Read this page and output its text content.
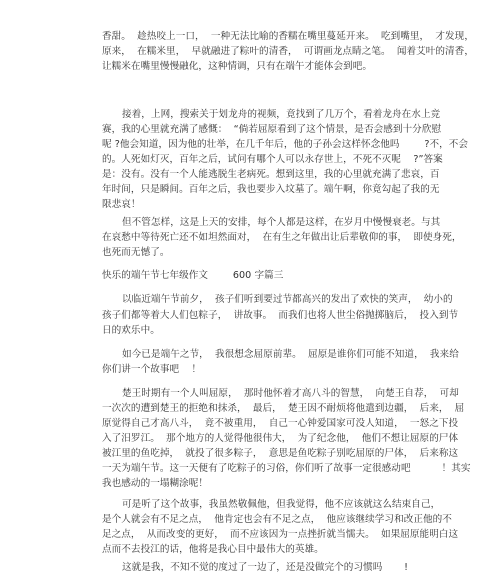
香甜。  趁热咬上一口，  一种无法比喻的香糯在嘴里蔓延开来。  吃到嘴里，  才发现，
原来，  在糯米里，  早就融进了粽叶的清香，  可谓画龙点睛之笔。  闻着艾叶的清香，
让糯米在嘴里慢慢融化，这种情调，只有在端午才能体会到吧。
接着，上网，搜索关于划龙舟的视频，竟找到了几万个，看着龙舟在水上竞
赛，我的心里就充满了感慨：  “倘若屈原看到了这个情景，是否会感到十分欣慰
呢 ?他会知道，因为他的壮举，在几千年后，他的子孙会这样怀念他吗        ?不，不会
的。人死如灯灭，百年之后，试问有哪个人可以永存世上，不死不灭呢    ?”答案
是：没有。没有一个人能逃脱生老病死。想到这里，我的心里就充满了悲哀，百
年时间，只是瞬间。百年之后，我也要步入坟墓了。端午啊，你竟勾起了我的无
限悲哀！
但不管怎样，这是上天的安排，每个人都是这样，在岁月中慢慢衰老。与其
在哀愁中等待死亡还不如坦然面对，  在有生之年做出让后辈敬仰的事，  即使身死，
也死而无憾了。
快乐的端午节七年级作文        600 字篇三
以临近端午节前夕，  孩子们听到要过节都高兴的发出了欢快的笑声，  幼小的
孩子们都等着大人们包粽子，  讲故事。  而我们也将人世尘俗抛掷脑后，  投入到节
日的欢乐中。
如今已是端午之节，  我很想念屈原前辈。  屈原是谁你们可能不知道，  我来给
你们讲一个故事吧    ！
楚王时期有一个人叫屈原，  那时他怀着才高八斗的智慧，  向楚王自荐，  可却
一次次的遭到楚王的拒绝和抹杀，  最后，  楚王因不耐烦将他遣到边疆，  后来，  屈
原觉得自己才高八斗，  竟不被重用，  自己一心钟爱国家可没人知道，  一怒之下投
入了汨罗江。  那个地方的人觉得他很伟大，  为了纪念他，  他们不想让屈原的尸体
被江里的鱼吃掉，  就投了很多粽子，  意思是鱼吃粽子别吃屈原的尸体，  后来称这
一天为端午节。这一天便有了吃粽子的习俗，你们听了故事一定很感动吧          ！其实
我也感动的一塌糊涂呢！
可是听了这个故事，我虽然敬佩他，但我觉得，他不应该就这么结束自己，
是个人就会有不足之点，  他肯定也会有不足之点，  他应该继续学习和改正他的不
足之点，  从而改变的更好，  而不应该因为一点挫折就当懦夫。  如果屈原能明白这
点而不去投江的话，他将是我心目中最伟大的英雄。
这就是我，不知不觉的度过了一边了，还是没做完个的习惯吗       !
